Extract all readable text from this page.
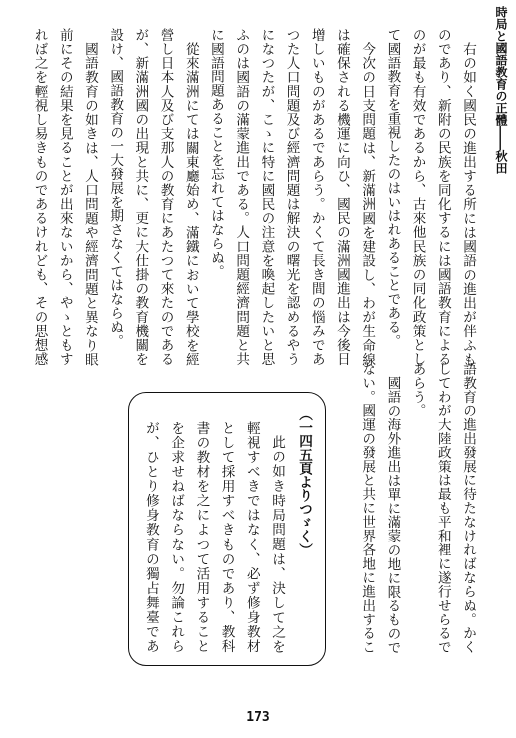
時局と國語教育の正體――秋田

右の如く國民の進出する所には國語の進出が伴ふものであり、新附の民族を同化するには國語教育によるのが最も有效であるから、古來他民族の同化政策として國語教育を重視したのはいはれあることである。

今次の日支問題は、新滿洲國を建設し、わが生命線は確保される機運に向ひ、國民の滿洲國進出は今後日增しいものがあるであらう。かくて長き間の惱みであつた人口問題及び經濟問題は解決の曙光を認めるやうになつたが、こゝに特に國民の注意を喚起したいと思ふのは國語の滿蒙進出である。人口問題經濟問題と共に國語問題あることを忘れてはならぬ。

從來滿洲にては關東廳始め、滿鐵において學校を經營し日本人及び支那人の教育にあたつて來たのであるが、新滿洲國の出現と共に、更に大仕掛の教育機關を設け、國語教育の一大發展を期さなくてはならぬ。

國語教育の如きは、人口問題や經濟問題と異なり眼前にその結果を見ることが出來ないから、やゝともすれば之を輕視し易きものであるけれども、その思想感

語教育の進出發展に待たなければならぬ。かくしてわが大陸政策は最も平和裡に遂行せらるであらう。

國語の海外進出は單に滿蒙の地に限るものでない。國運の發展と共に世界各地に進出するこ

（一四五頁よりつゞく）

此の如き時局問題は、決して之を輕視すべきではなく、必ず修身教材として採用すべきものであり、教科書の教材を之によつて活用することを企求せねばならない。勿論これらが、ひとり修身教育の獨占舞臺であ

173
